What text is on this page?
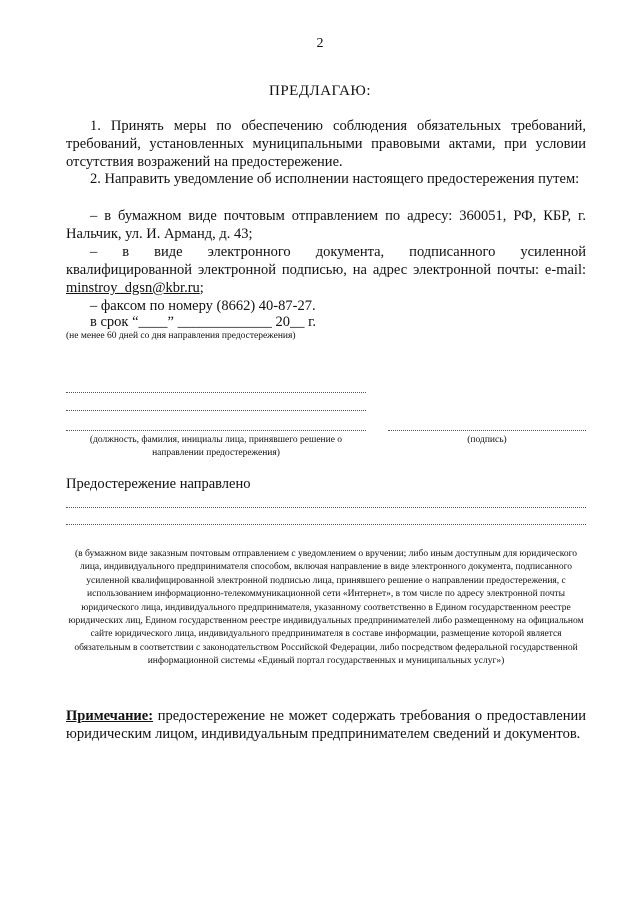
2
ПРЕДЛАГАЮ:
1. Принять меры по обеспечению соблюдения обязательных требований, требований, установленных муниципальными правовыми актами, при условии отсутствия возражений на предостережение.
2. Направить уведомление об исполнении настоящего предостережения путем:
– в бумажном виде почтовым отправлением по адресу: 360051, РФ, КБР, г. Нальчик, ул. И. Арманд, д. 43;
– в виде электронного документа, подписанного усиленной квалифицированной электронной подписью, на адрес электронной почты: e-mail: minstroy_dgsn@kbr.ru;
– факсом по номеру (8662) 40-87-27.
в срок “____” _____________ 20__ г.
(не менее 60 дней со дня направления предостережения)
(должность, фамилия, инициалы лица, принявшего решение о направлении предостережения)
(подпись)
Предостережение направлено
(в бумажном виде заказным почтовым отправлением с уведомлением о вручении; либо иным доступным для юридического лица, индивидуального предпринимателя способом, включая направление в виде электронного документа, подписанного усиленной квалифицированной электронной подписью лица, принявшего решение о направлении предостережения, с использованием информационно-телекоммуникационной сети «Интернет», в том числе по адресу электронной почты юридического лица, индивидуального предпринимателя, указанному соответственно в Едином государственном реестре юридических лиц, Едином государственном реестре индивидуальных предпринимателей либо размещенному на официальном сайте юридического лица, индивидуального предпринимателя в составе информации, размещение которой является обязательным в соответствии с законодательством Российской Федерации, либо посредством федеральной государственной информационной системы «Единый портал государственных и муниципальных услуг»)
Примечание: предостережение не может содержать требования о предоставлении юридическим лицом, индивидуальным предпринимателем сведений и документов.
